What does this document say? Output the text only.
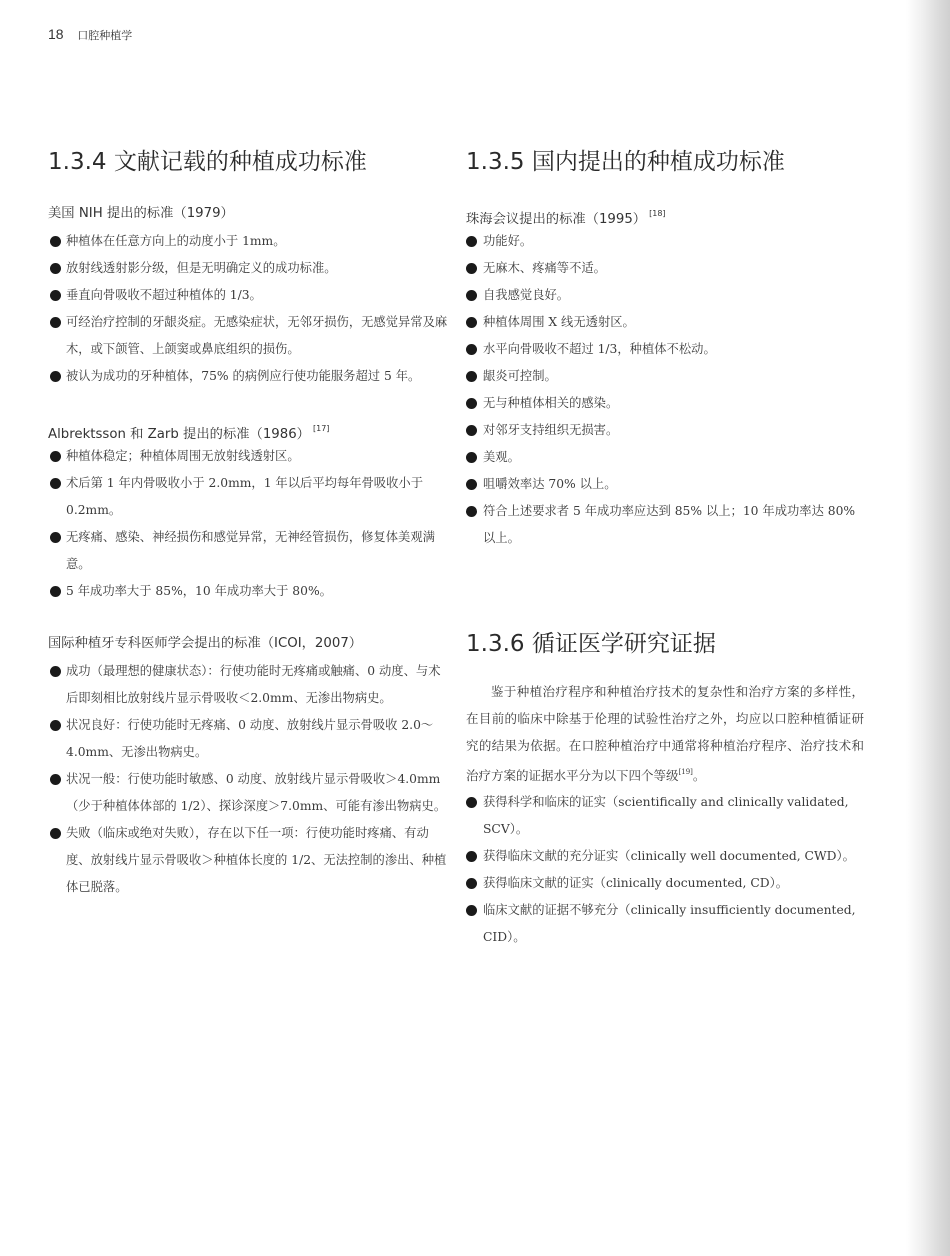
18 口腔种植学
1.3.4 文献记载的种植成功标准
美国 NIH 提出的标准（1979）
种植体在任意方向上的动度小于 1mm。
放射线透射影分级，但是无明确定义的成功标准。
垂直向骨吸收不超过种植体的 1/3。
可经治疗控制的牙龈炎症。无感染症状，无邻牙损伤，无感觉异常及麻木，或下颌管、上颌窦或鼻底组织的损伤。
被认为成功的牙种植体，75% 的病例应行使功能服务超过 5 年。
Albrektsson 和 Zarb 提出的标准（1986） [17]
种植体稳定；种植体周围无放射线透射区。
术后第 1 年内骨吸收小于 2.0mm，1 年以后平均每年骨吸收小于 0.2mm。
无疼痛、感染、神经损伤和感觉异常，无神经管损伤，修复体美观满意。
5 年成功率大于 85%，10 年成功率大于 80%。
国际种植牙专科医师学会提出的标准（ICOI，2007）
成功（最理想的健康状态）：行使功能时无疼痛或触痛、0 动度、与术后即刻相比放射线片显示骨吸收＜2.0mm、无渗出物病史。
状况良好：行使功能时无疼痛、0 动度、放射线片显示骨吸收 2.0～4.0mm、无渗出物病史。
状况一般：行使功能时敏感、0 动度、放射线片显示骨吸收＞4.0mm（少于种植体体部的 1/2）、探诊深度＞7.0mm、可能有渗出物病史。
失败（临床或绝对失败），存在以下任一项：行使功能时疼痛、有动度、放射线片显示骨吸收＞种植体长度的 1/2、无法控制的渗出、种植体已脱落。
1.3.5 国内提出的种植成功标准
珠海会议提出的标准（1995） [18]
功能好。
无麻木、疼痛等不适。
自我感觉良好。
种植体周围 X 线无透射区。
水平向骨吸收不超过 1/3，种植体不松动。
龈炎可控制。
无与种植体相关的感染。
对邻牙支持组织无损害。
美观。
咀嚼效率达 70% 以上。
符合上述要求者 5 年成功率应达到 85% 以上；10 年成功率达 80% 以上。
1.3.6 循证医学研究证据

鉴于种植治疗程序和种植治疗技术的复杂性和治疗方案的多样性，在目前的临床中除基于伦理的试验性治疗之外，均应以口腔种植循证研究的结果为依据。在口腔种植治疗中通常将种植治疗程序、治疗技术和治疗方案的证据水平分为以下四个等级[19]。

获得科学和临床的证实（scientifically and clinically validated, SCV）。
获得临床文献的充分证实（clinically well documented, CWD）。
获得临床文献的证实（clinically documented, CD）。
临床文献的证据不够充分（clinically insufficiently documented, CID）。
